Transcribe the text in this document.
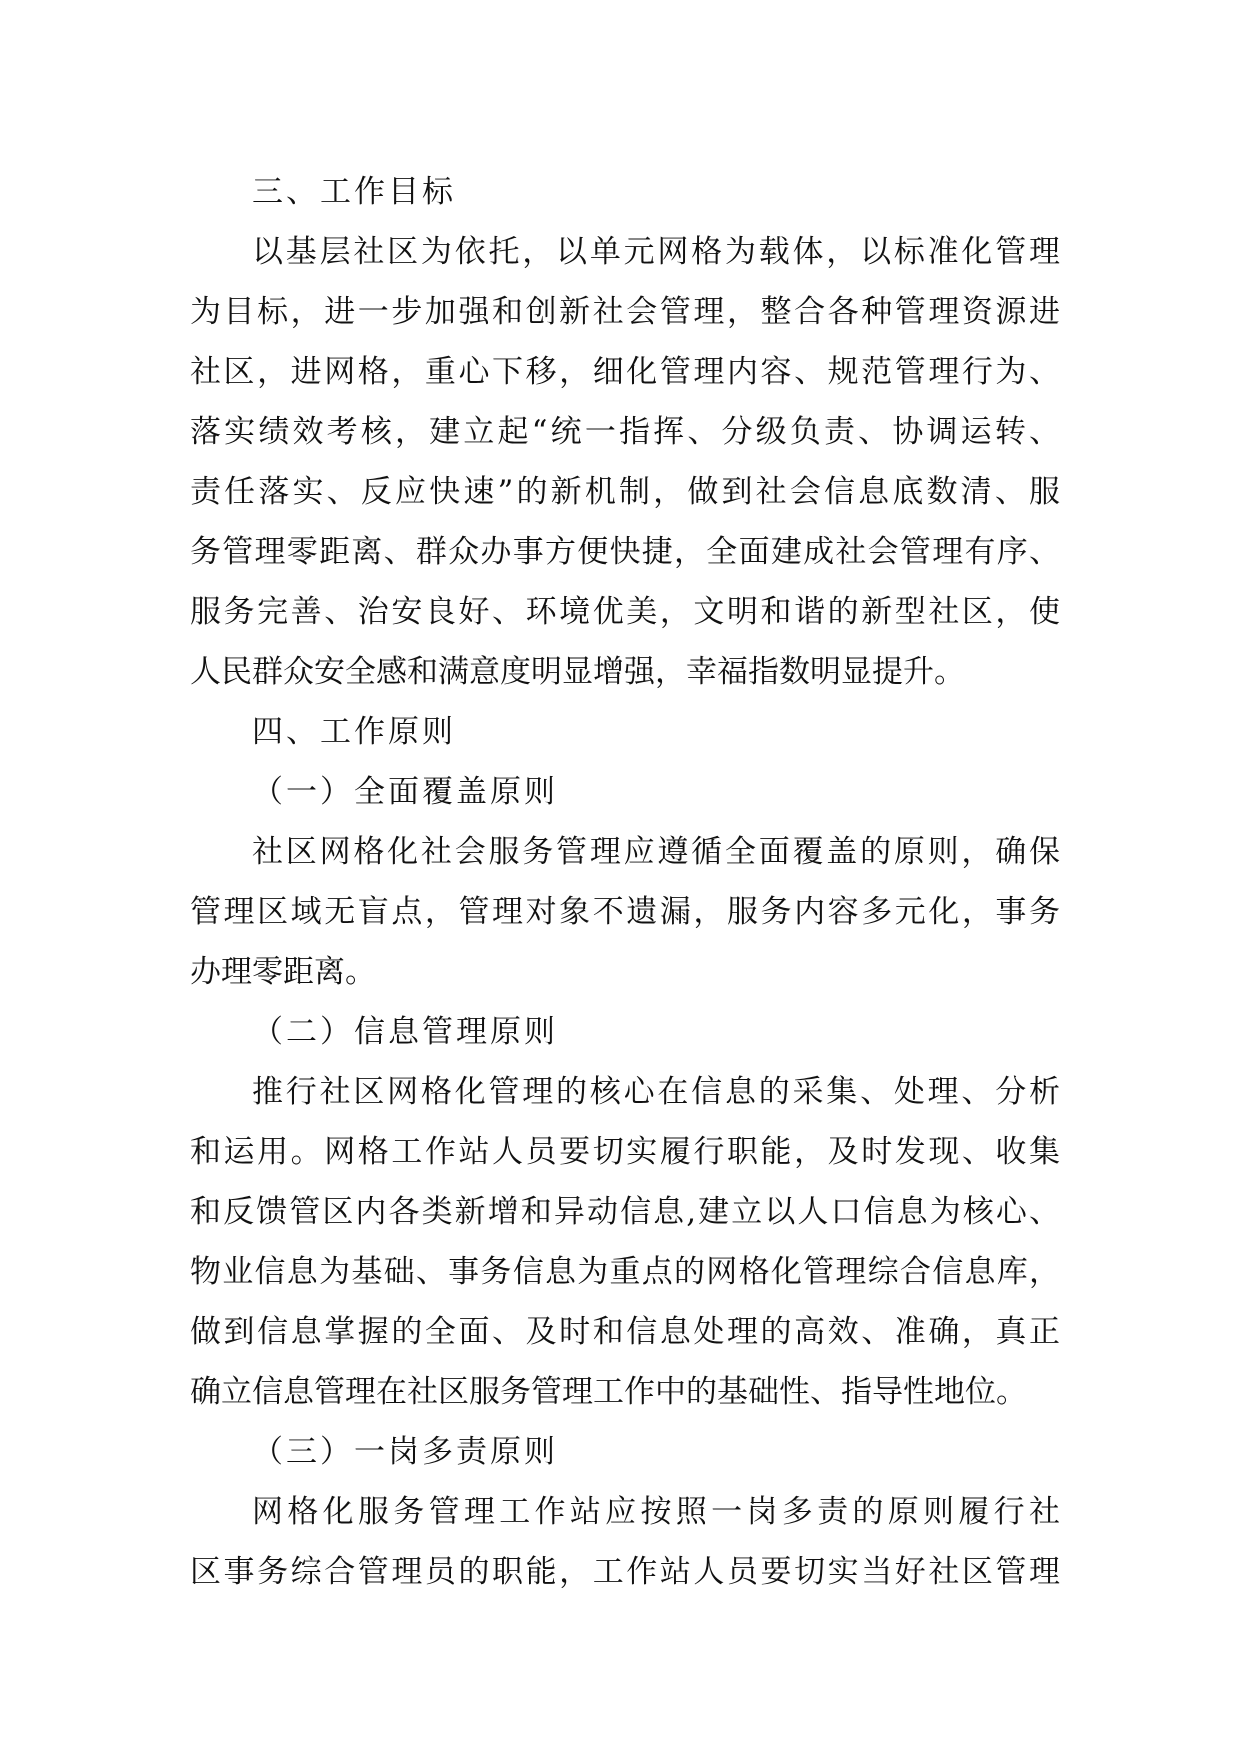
三、工作目标
以基层社区为依托，以单元网格为载体，以标准化管理
为目标，进一步加强和创新社会管理，整合各种管理资源进
社区，进网格，重心下移，细化管理内容、规范管理行为、
落实绩效考核，建立起“统一指挥、分级负责、协调运转、
责任落实、反应快速”的新机制，做到社会信息底数清、服
务管理零距离、群众办事方便快捷，全面建成社会管理有序、
服务完善、治安良好、环境优美，文明和谐的新型社区，使
人民群众安全感和满意度明显增强，幸福指数明显提升。
四、工作原则
（一）全面覆盖原则
社区网格化社会服务管理应遵循全面覆盖的原则，确保
管理区域无盲点，管理对象不遗漏，服务内容多元化，事务
办理零距离。
（二）信息管理原则
推行社区网格化管理的核心在信息的采集、处理、分析
和运用。网格工作站人员要切实履行职能，及时发现、收集
和反馈管区内各类新增和异动信息,建立以人口信息为核心、
物业信息为基础、事务信息为重点的网格化管理综合信息库，
做到信息掌握的全面、及时和信息处理的高效、准确，真正
确立信息管理在社区服务管理工作中的基础性、指导性地位。
（三）一岗多责原则
网格化服务管理工作站应按照一岗多责的原则履行社
区事务综合管理员的职能，工作站人员要切实当好社区管理
